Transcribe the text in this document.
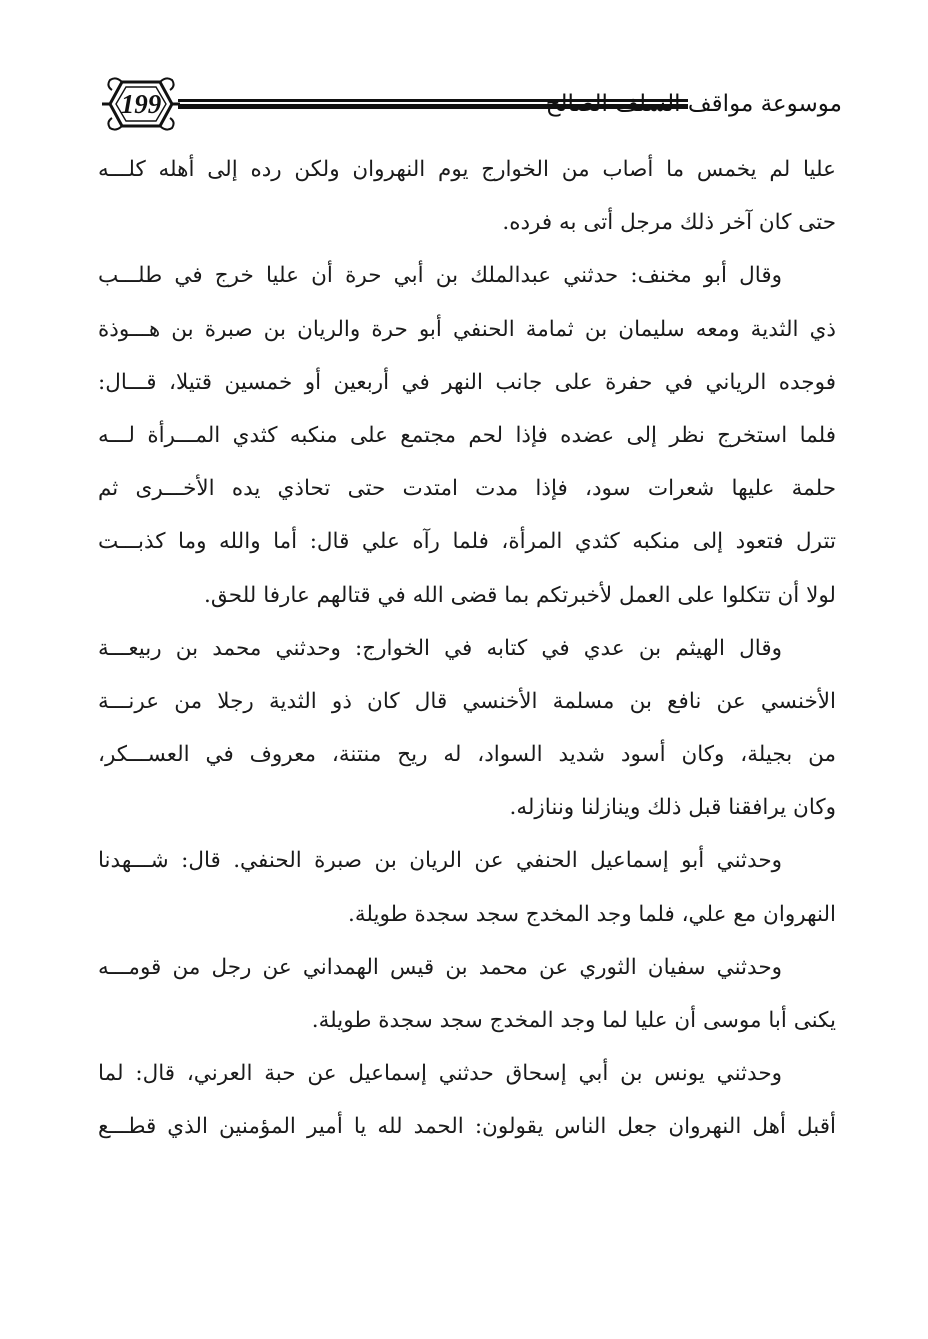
199	موسوعة مواقف السلف الصالح
عليا لم يخمس ما أصاب من الخوارج يوم النهروان ولكن رده إلى أهله كلـــه
حتى كان آخر ذلك مرجل أتى به فرده.
وقال أبو مخنف: حدثني عبدالملك بن أبي حرة أن عليا خرج في طلـــب
ذي الثدية ومعه سليمان بن ثمامة الحنفي أبو حرة والريان بن صبرة بن هـــوذة
فوجده الرياني في حفرة على جانب النهر في أربعين أو خمسين قتيلا، قـــال:
فلما استخرج نظر إلى عضده فإذا لحم مجتمع على منكبه كثدي المـــرأة لـــه
حلمة عليها شعرات سود، فإذا مدت امتدت حتى تحاذي يده الأخـــرى ثم
تترل فتعود إلى منكبه كثدي المرأة، فلما رآه علي قال: أما والله وما كذبـــت
لولا أن تتكلوا على العمل لأخبرتكم بما قضى الله في قتالهم عارفا للحق.
وقال الهيثم بن عدي في كتابه في الخوارج: وحدثني محمد بن ربيعـــة
الأخنسي عن نافع بن مسلمة الأخنسي قال كان ذو الثدية رجلا من عرنـــة
من بجيلة، وكان أسود شديد السواد، له ريح منتنة، معروف في العســـكر،
وكان يرافقنا قبل ذلك وينازلنا وننازله.
وحدثني أبو إسماعيل الحنفي عن الريان بن صبرة الحنفي. قال: شـــهدنا
النهروان مع علي، فلما وجد المخدج سجد سجدة طويلة.
وحدثني سفيان الثوري عن محمد بن قيس الهمداني عن رجل من قومـــه
يكنى أبا موسى أن عليا لما وجد المخدج سجد سجدة طويلة.
وحدثني يونس بن أبي إسحاق حدثني إسماعيل عن حبة العرني، قال: لما
أقبل أهل النهروان جعل الناس يقولون: الحمد لله يا أمير المؤمنين الذي قطـــع
